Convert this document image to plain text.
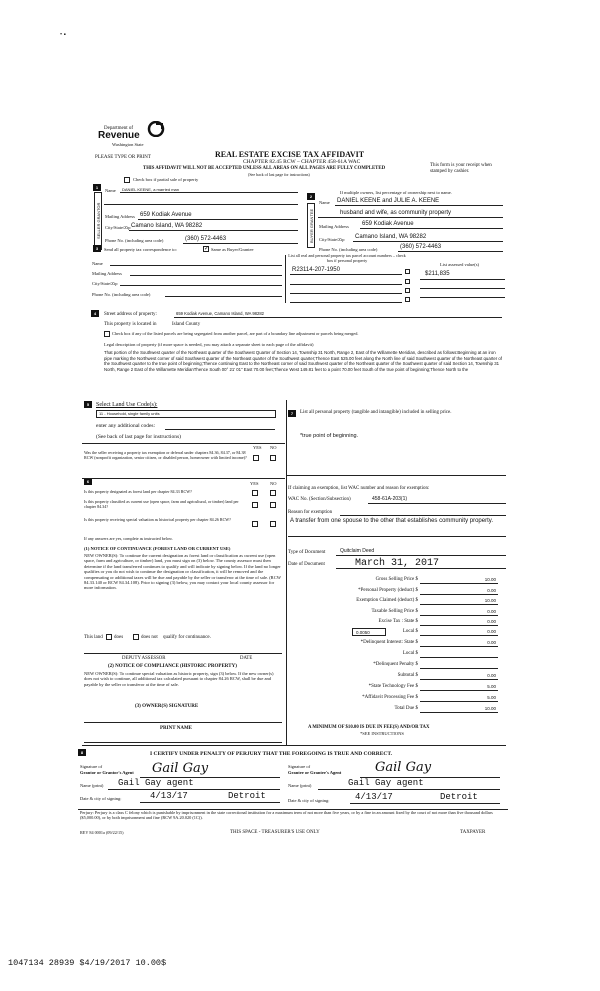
• ▪
Department of
Revenue
Washington State
PLEASE TYPE OR PRINT	REAL ESTATE EXCISE TAX AFFIDAVIT
CHAPTER 82.45 RCW – CHAPTER 458-61A WAC
THIS AFFIDAVIT WILL NOT BE ACCEPTED UNLESS ALL AREAS ON ALL PAGES ARE FULLY COMPLETED
(See back of last page for instructions)
This form is your receipt when stamped by cashier.
Check box if partial sale of property
1
SELLER GRANTOR
Name DANIEL KEENE, a married man
Mailing Address 659 Kodiak Avenue
City/State/Zip Camano Island, WA 98282
Phone No. (including area code)	(360) 572-4463
If multiple owners, list percentage of ownership next to name.
2
BUYER GRANTEE
Name DANIEL KEENE and JULIE A. KEENE
husband and wife, as community property
Mailing Address 659 Kodiak Avenue
City/State/Zip Camano Island, WA 98282
Phone No. (including area code)	(360) 572-4463
3	Send all property tax correspondence to:	✓ Same as Buyer/Grantee
Name
Mailing Address
City/State/Zip
Phone No. (including area code)
List all real and personal property tax parcel account numbers – check box if personal property
List assessed value(s)
R23114-207-1950
$211,835
4	Street address of property:	659 Kodiak Avenue, Camano Island, WA 98282
This property is located in	Island County
Check box if any of the listed parcels are being segregated from another parcel, are part of a boundary line adjustment or parcels being merged.
Legal description of property (if more space is needed, you may attach a separate sheet to each page of the affidavit)
That portion of the Southwest quarter of the Northeast quarter of the Southwest Quarter of Section 14, Township 31 North, Range 2, East of the Willamette Meridian, described as follows:Beginning at an iron pipe marking the Northwest corner of said Southwest quarter of the Northeast quarter of the Southwest quarter;Thence East 525.00 feet along the North line of said Southwest quarter of the Northeast quarter of the Southwest quarter to the true point of beginning;Thence continuing East to the Northeast corner of said Southwest quarter of the Northeast quarter of the Southwest quarter of said Section 14, Township 31 North, Range 2 East of the Willamette MeridianThence South 00° 21' 01" East 70.00 feet;Thence West 149.81 feet to a point 70.00 feet South of the true point of beginning;Thence North to the
5	Select Land Use Code(s):
11 - Household, single family units
enter any additional codes:
(See back of last page for instructions)
YES NO
Was the seller receiving a property tax exemption or deferral under chapters 84.36, 84.37, or 84.38 RCW (nonprofit organization, senior citizen, or disabled person, homeowner with limited income)?
6	YES	NO
Is this property designated as forest land per chapter 84.33 RCW?
Is this property classified as current use (open space, farm and agricultural, or timber) land per chapter 84.34?
Is this property receiving special valuation as historical property per chapter 84.26 RCW?
If any answers are yes, complete as instructed below.
(1) NOTICE OF CONTINUANCE (FOREST LAND OR CURRENT USE)
NEW OWNER(S): To continue the current designation as forest land or classification as current use (open space, farm and agriculture, or timber) land, you must sign on (3) below. The county assessor must then determine if the land transferred continues to qualify and will indicate by signing below. If the land no longer qualifies or you do not wish to continue the designation or classification, it will be removed and the compensating or additional taxes will be due and payable by the seller or transferor at the time of sale. (RCW 84.33.140 or RCW 84.34.108). Prior to signing (3) below, you may contact your local county assessor for more information.
This land does	does not qualify for continuance.
DEPUTY ASSESSOR	DATE
(2) NOTICE OF COMPLIANCE (HISTORIC PROPERTY)
NEW OWNER(S): To continue special valuation as historic property, sign (3) below. If the new owner(s) does not wish to continue, all additional tax calculated pursuant to chapter 84.26 RCW, shall be due and payable by the seller or transferor at the time of sale.
(3) OWNER(S) SIGNATURE
PRINT NAME
7	List all personal property (tangible and intangible) included in selling price.
*true point of beginning.
If claiming an exemption, list WAC number and reason for exemption:
WAC No. (Section/Subsection)	458-61A-203(1)
Reason for exemption
A transfer from one spouse to the other that establishes community property.
Type of Document	Quitclaim Deed
Date of Document	March 31, 2017
Gross Selling Price $	10.00
*Personal Property (deduct) $	0.00
Exemption Claimed (deduct) $	10.00
Taxable Selling Price $	0.00
Excise Tax : State $	0.00
0.0050	Local $	0.00
*Delinquent Interest: State $	0.00
Local $
*Delinquent Penalty $
Subtotal $	0.00
*State Technology Fee $	5.00
*Affidavit Processing Fee $	5.00
Total Due $	10.00
A MINIMUM OF $10.00 IS DUE IN FEE(S) AND/OR TAX
*SEE INSTRUCTIONS
8	I CERTIFY UNDER PENALTY OF PERJURY THAT THE FOREGOING IS TRUE AND CORRECT.
Signature of
Grantor or Grantor's Agent Gail Gay
Name (print) Gail Gay agent
Date & city of signing:	4/13/17	Detroit
Signature of
Grantee or Grantee's Agent	Gail Gay
Name (print)	Gail Gay agent
Date & city of signing:	4/13/17	Detroit
Perjury: Perjury is a class C felony which is punishable by imprisonment in the state correctional institution for a maximum term of not more than five years, or by a fine in an amount fixed by the court of not more than five thousand dollars ($5,000.00), or by both imprisonment and fine (RCW 9A.20.020 (1C)).
REV 84 0001a (09/22/15)	THIS SPACE - TREASURER'S USE ONLY	TAXPAYER
1047134 28939 $4/19/2017 10.00$
